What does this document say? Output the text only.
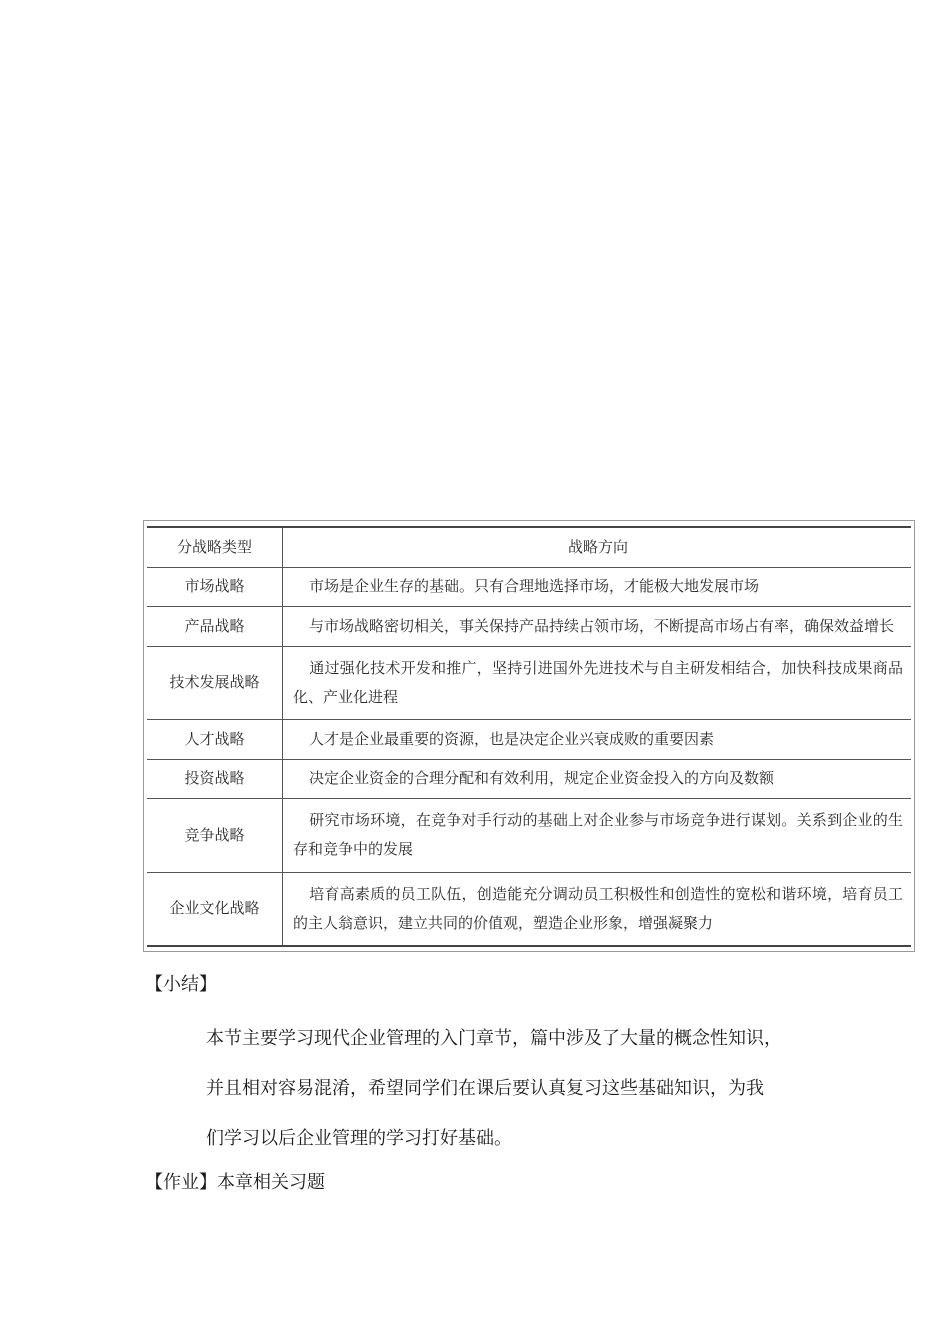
分战略类型	战略方向
市场战略	市场是企业生存的基础。只有合理地选择市场，才能极大地发展市场
产品战略	与市场战略密切相关，事关保持产品持续占领市场，不断提高市场占有率，确保效益增长
技术发展战略	通过强化技术开发和推广，坚持引进国外先进技术与自主研发相结合，加快科技成果商品化、产业化进程
人才战略	人才是企业最重要的资源，也是决定企业兴衰成败的重要因素
投资战略	决定企业资金的合理分配和有效利用，规定企业资金投入的方向及数额
竞争战略	研究市场环境，在竞争对手行动的基础上对企业参与市场竞争进行谋划。关系到企业的生存和竞争中的发展
企业文化战略	培育高素质的员工队伍，创造能充分调动员工积极性和创造性的宽松和谐环境，培育员工的主人翁意识，建立共同的价值观，塑造企业形象，增强凝聚力

【小结】

本节主要学习现代企业管理的入门章节，篇中涉及了大量的概念性知识，
并且相对容易混淆，希望同学们在课后要认真复习这些基础知识，为我
们学习以后企业管理的学习打好基础。

【作业】本章相关习题
